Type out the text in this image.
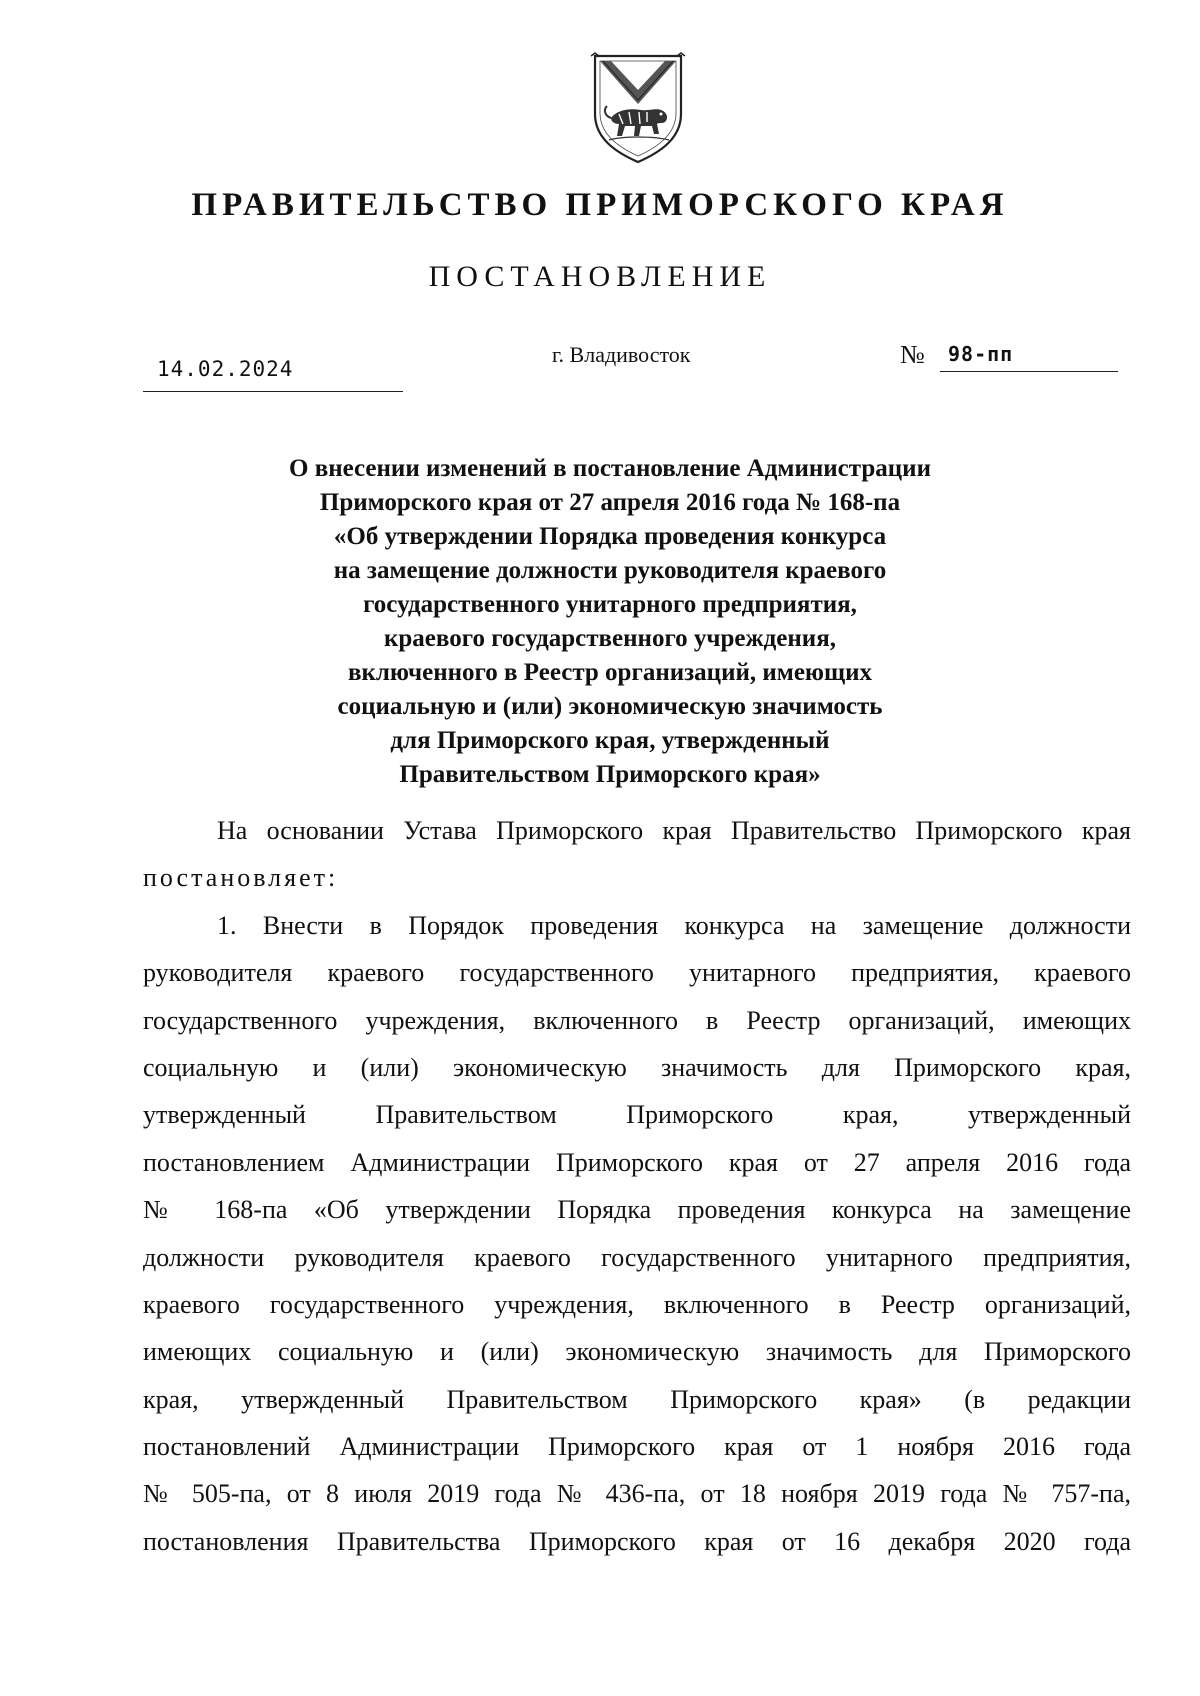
ПРАВИТЕЛЬСТВО ПРИМОРСКОГО КРАЯ
ПОСТАНОВЛЕНИЕ
14.02.2024
г. Владивосток	№ 98-пп
О внесении изменений в постановление Администрации
Приморского края от 27 апреля 2016 года № 168-па
«Об утверждении Порядка проведения конкурса
на замещение должности руководителя краевого
государственного унитарного предприятия,
краевого государственного учреждения,
включенного в Реестр организаций, имеющих
социальную и (или) экономическую значимость
для Приморского края, утвержденный
Правительством Приморского края»
На основании Устава Приморского края Правительство Приморского края
постановляет:
1. Внести в Порядок проведения конкурса на замещение должности
руководителя краевого государственного унитарного предприятия, краевого
государственного учреждения, включенного в Реестр организаций, имеющих
социальную и (или) экономическую значимость для Приморского края,
утвержденный Правительством Приморского края, утвержденный
постановлением Администрации Приморского края от 27 апреля 2016 года
№ 168-па «Об утверждении Порядка проведения конкурса на замещение
должности руководителя краевого государственного унитарного предприятия,
краевого государственного учреждения, включенного в Реестр организаций,
имеющих социальную и (или) экономическую значимость для Приморского
края, утвержденный Правительством Приморского края» (в редакции
постановлений Администрации Приморского края от 1 ноября 2016 года
№ 505-па, от 8 июля 2019 года № 436-па, от 18 ноября 2019 года № 757-па,
постановления Правительства Приморского края от 16 декабря 2020 года
